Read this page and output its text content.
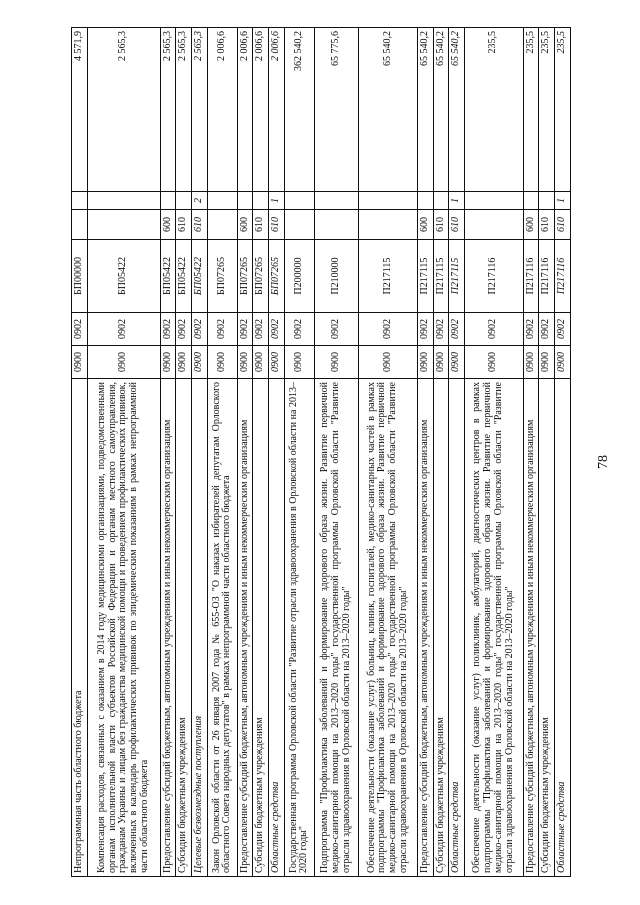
78
Непрограммная часть областного бюджета	0900	0902	БП00000			4 571,9
Компенсация расходов, связанных с оказанием в 2014 году медицинскими организациями, подведомственными органам исполнительной власти субъектов Российской Федерации и органам местного самоуправления, гражданам Украины и лицам без гражданства медицинской помощи и проведением профилактических прививок, включенных в календарь профилактических прививок по эпидемическим показаниям в рамках непрограммной части областного бюджета	0900	0902	БП05422			2 565,3
Предоставление субсидий бюджетным, автономным учреждениям и иным некоммерческим организациям	0900	0902	БП05422	600		2 565,3
Субсидии бюджетным учреждениям	0900	0902	БП05422	610		2 565,3
Целевые безвозмездные поступления	0900	0902	БП05422	610	2	2 565,3
Закон Орловской области от 26 января 2007 года № 655-ОЗ "О наказах избирателей депутатам Орловского областного Совета народных депутатов" в рамках непрограммной части областного бюджета	0900	0902	БП07265			2 006,6
Предоставление субсидий бюджетным, автономным учреждениям и иным некоммерческим организациям	0900	0902	БП07265	600		2 006,6
Субсидии бюджетным учреждениям	0900	0902	БП07265	610		2 006,6
Областные средства	0900	0902	БП07265	610	1	2 006,6
Государственная программа Орловской области "Развитие отрасли здравоохранения в Орловской области на 2013–2020 годы"	0900	0902	П200000			362 540,2
Подпрограмма "Профилактика заболеваний и формирование здорового образа жизни. Развитие первичной медико-санитарной помощи на 2013–2020 годы" государственной программы Орловской области "Развитие отрасли здравоохранения в Орловской области на 2013–2020 годы"	0900	0902	П210000			65 775,6
Обеспечение деятельности (оказание услуг) больниц, клиник, госпиталей, медико-санитарных частей в рамках подпрограммы "Профилактика заболеваний и формирование здорового образа жизни. Развитие первичной медико-санитарной помощи на 2013–2020 годы" государственной программы Орловской области "Развитие отрасли здравоохранения в Орловской области на 2013–2020 годы"	0900	0902	П217115			65 540,2
Предоставление субсидий бюджетным, автономным учреждениям и иным некоммерческим организациям	0900	0902	П217115	600		65 540,2
Субсидии бюджетным учреждениям	0900	0902	П217115	610		65 540,2
Областные средства	0900	0902	П217115	610	1	65 540,2
Обеспечение деятельности (оказание услуг) поликлиник, амбулаторий, диагностических центров в рамках подпрограммы "Профилактика заболеваний и формирование здорового образа жизни. Развитие первичной медико-санитарной помощи на 2013–2020 годы" государственной программы Орловской области "Развитие отрасли здравоохранения в Орловской области на 2013–2020 годы"	0900	0902	П217116			235,5
Предоставление субсидий бюджетным, автономным учреждениям и иным некоммерческим организациям	0900	0902	П217116	600		235,5
Субсидии бюджетным учреждениям	0900	0902	П217116	610		235,5
Областные средства	0900	0902	П217116	610	1	235,5
